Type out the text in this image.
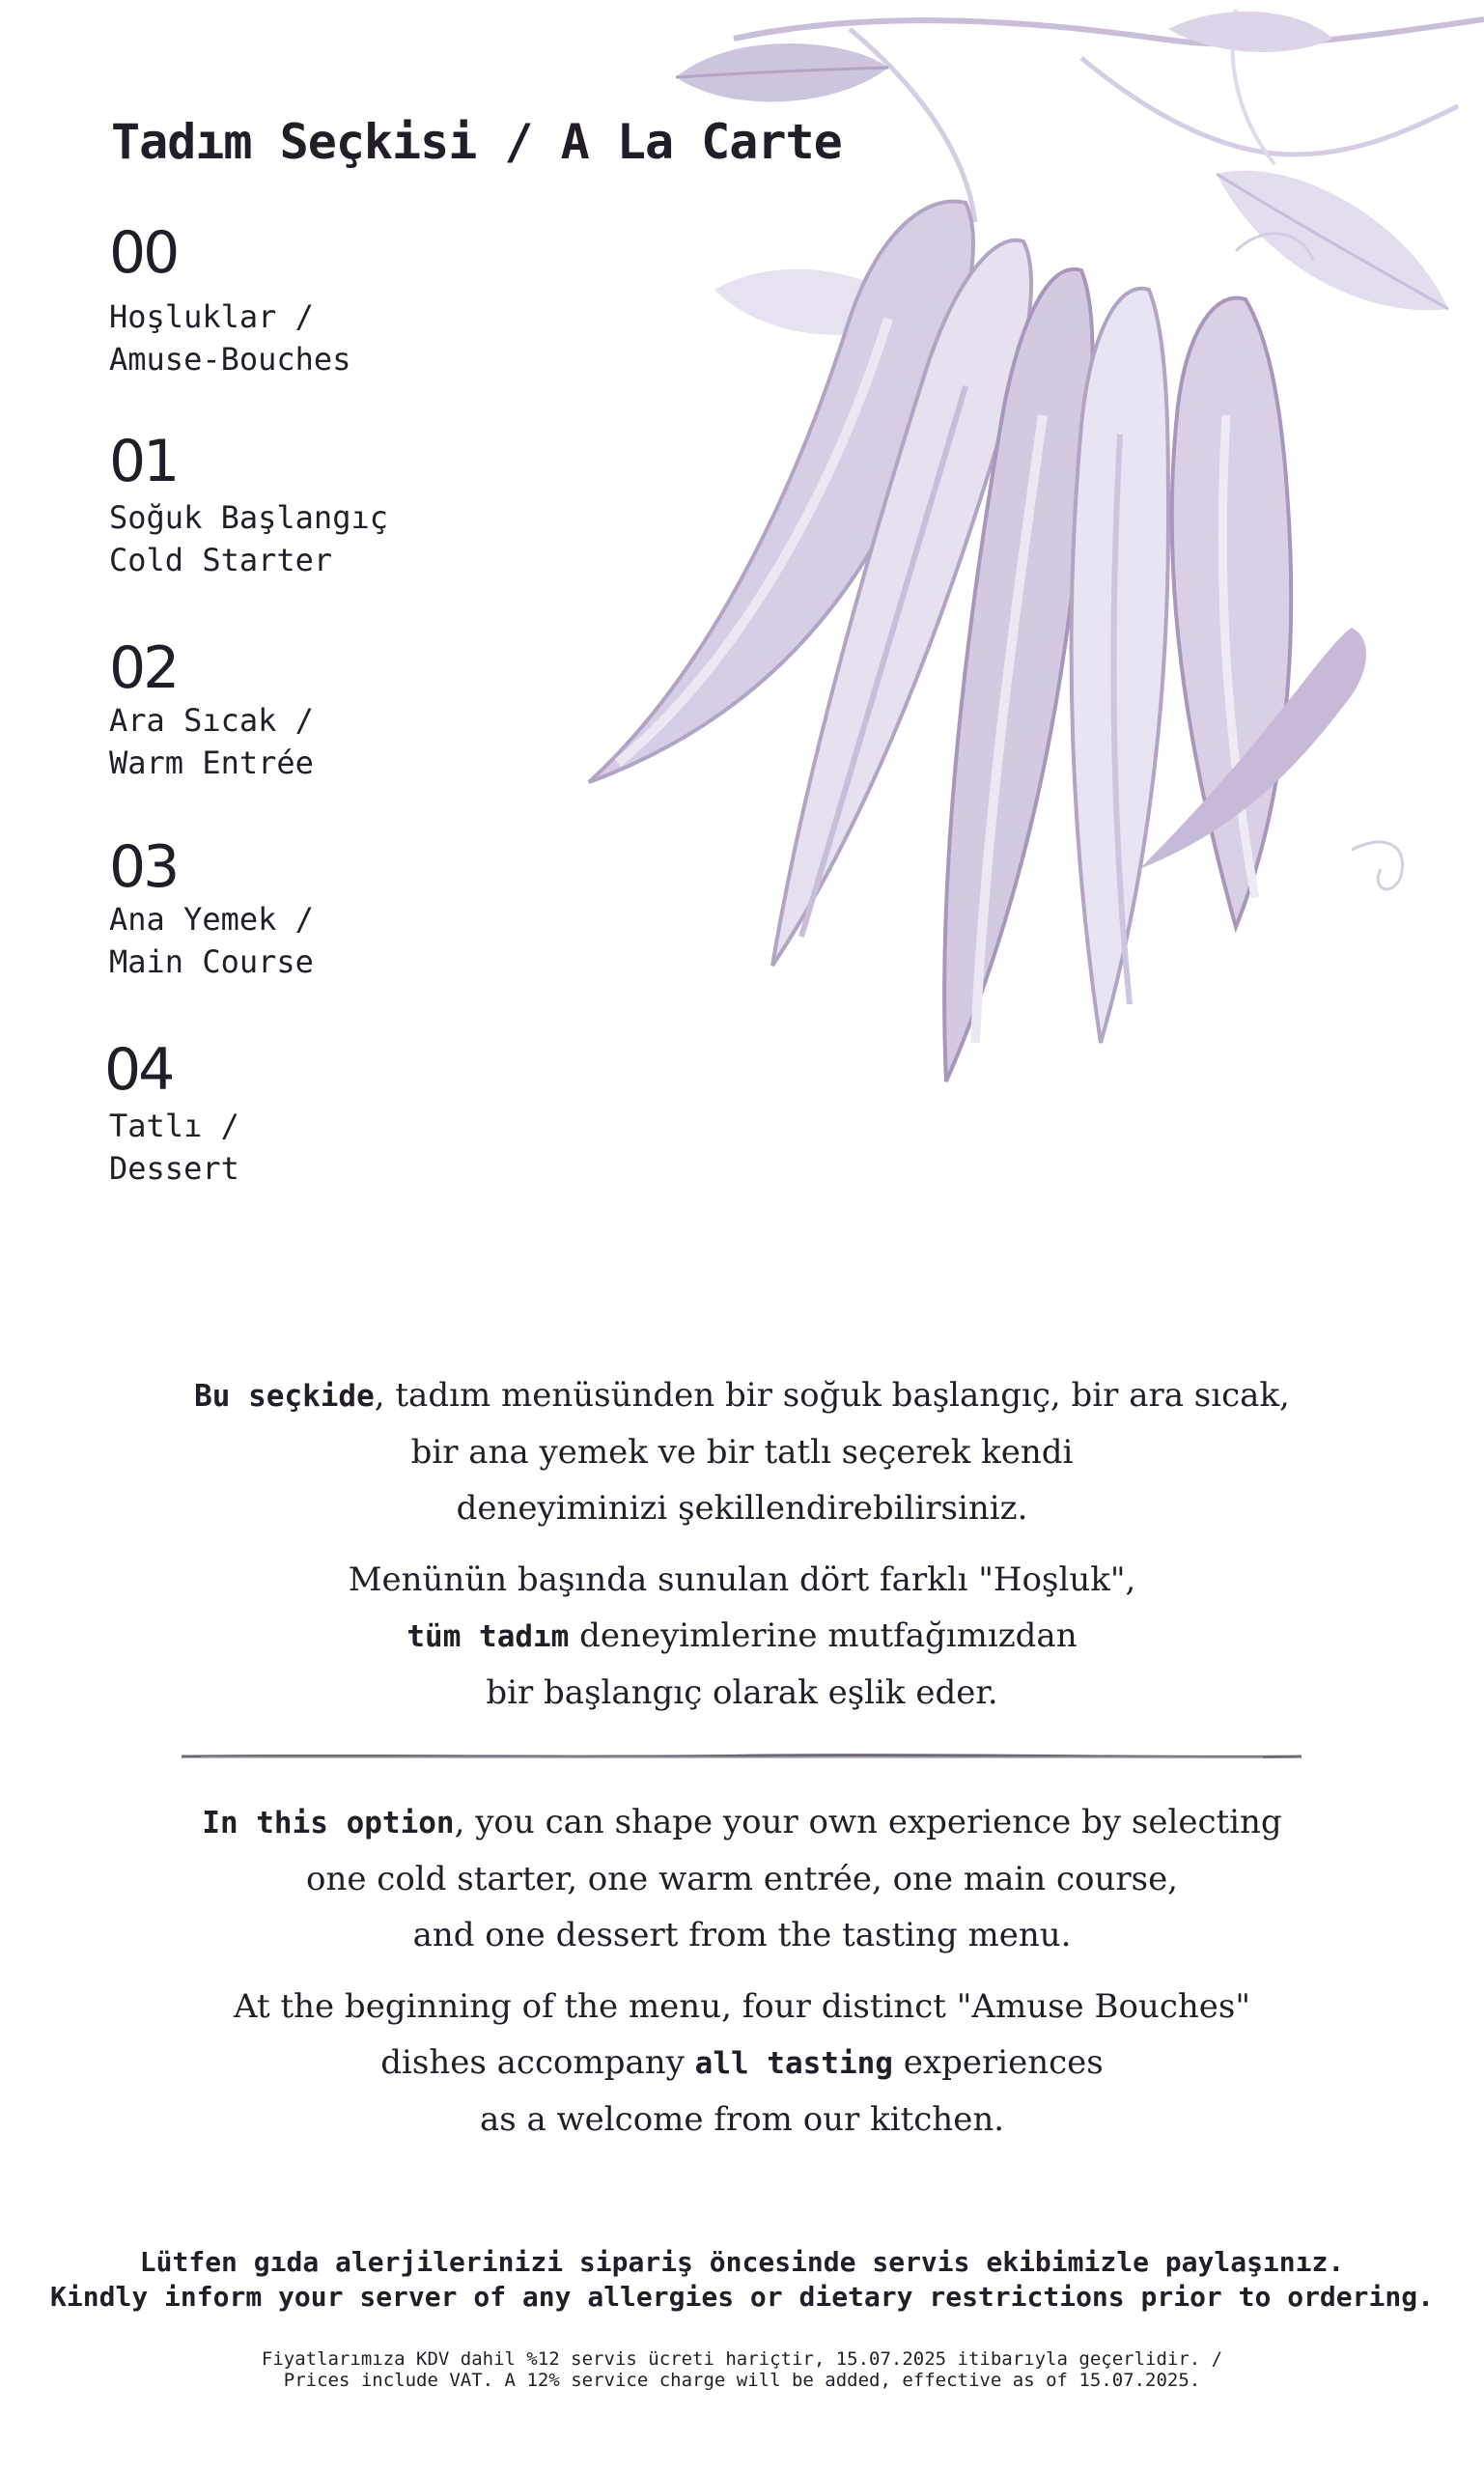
Tadım Seçkisi / A La Carte
00
Hoşluklar /
Amuse-Bouches
01
Soğuk Başlangıç
Cold Starter
02
Ara Sıcak /
Warm Entrée
03
Ana Yemek /
Main Course
04
Tatlı /
Dessert

Bu seçkide, tadım menüsünden bir soğuk başlangıç, bir ara sıcak,

bir ana yemek ve bir tatlı seçerek kendi

deneyiminizi şekillendirebilirsiniz.

Menünün başında sunulan dört farklı "Hoşluk",

tüm tadım deneyimlerine mutfağımızdan

bir başlangıç olarak eşlik eder.

In this option, you can shape your own experience by selecting

one cold starter, one warm entrée, one main course,

and one dessert from the tasting menu.

At the beginning of the menu, four distinct "Amuse Bouches"

dishes accompany all tasting experiences

as a welcome from our kitchen.

Lütfen gıda alerjilerinizi sipariş öncesinde servis ekibimizle paylaşınız.

Kindly inform your server of any allergies or dietary restrictions prior to ordering.

Fiyatlarımıza KDV dahil %12 servis ücreti hariçtir, 15.07.2025 itibarıyla geçerlidir. /

Prices include VAT. A 12% service charge will be added, effective as of 15.07.2025.
